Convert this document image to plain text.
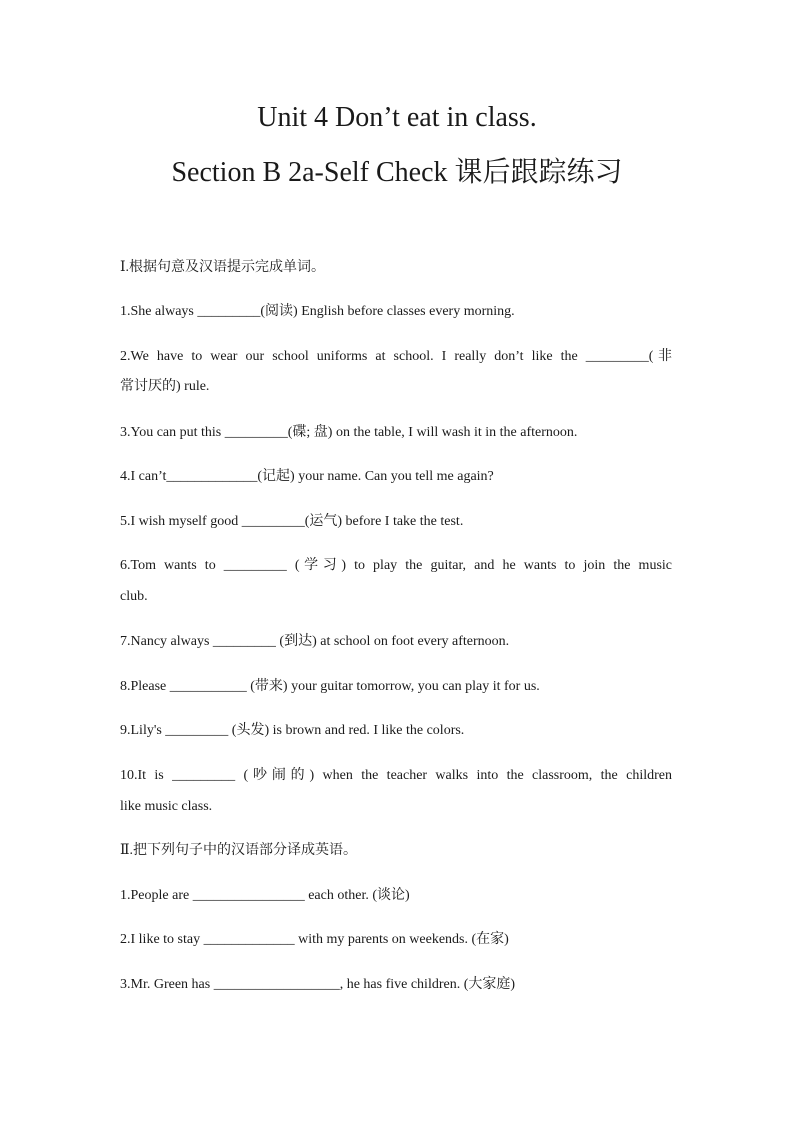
Unit 4 Don’t eat in class.
Section B 2a-Self Check 课后跟踪练习
Ⅰ.根据句意及汉语提示完成单词。
1.She always _________(阅读) English before classes every morning.
2.We have to wear our school uniforms at school. I really don’t like the _________(非
常讨厌的) rule.
3.You can put this _________(碟; 盘) on the table, I will wash it in the afternoon.
4.I can’t_____________(记起) your name. Can you tell me again?
5.I wish myself good _________(运气) before I take the test.
6.Tom wants to _________ (学习) to play the guitar, and he wants to join the music
club.
7.Nancy always _________ (到达) at school on foot every afternoon.
8.Please ___________ (带来) your guitar tomorrow, you can play it for us.
9.Lily's _________ (头发) is brown and red. I like the colors.
10.It is _________ (吵闹的) when the teacher walks into the classroom, the children
like music class.
Ⅱ.把下列句子中的汉语部分译成英语。
1.People are ________________ each other. (谈论)
2.I like to stay _____________ with my parents on weekends. (在家)
3.Mr. Green has __________________, he has five children. (大家庭)
